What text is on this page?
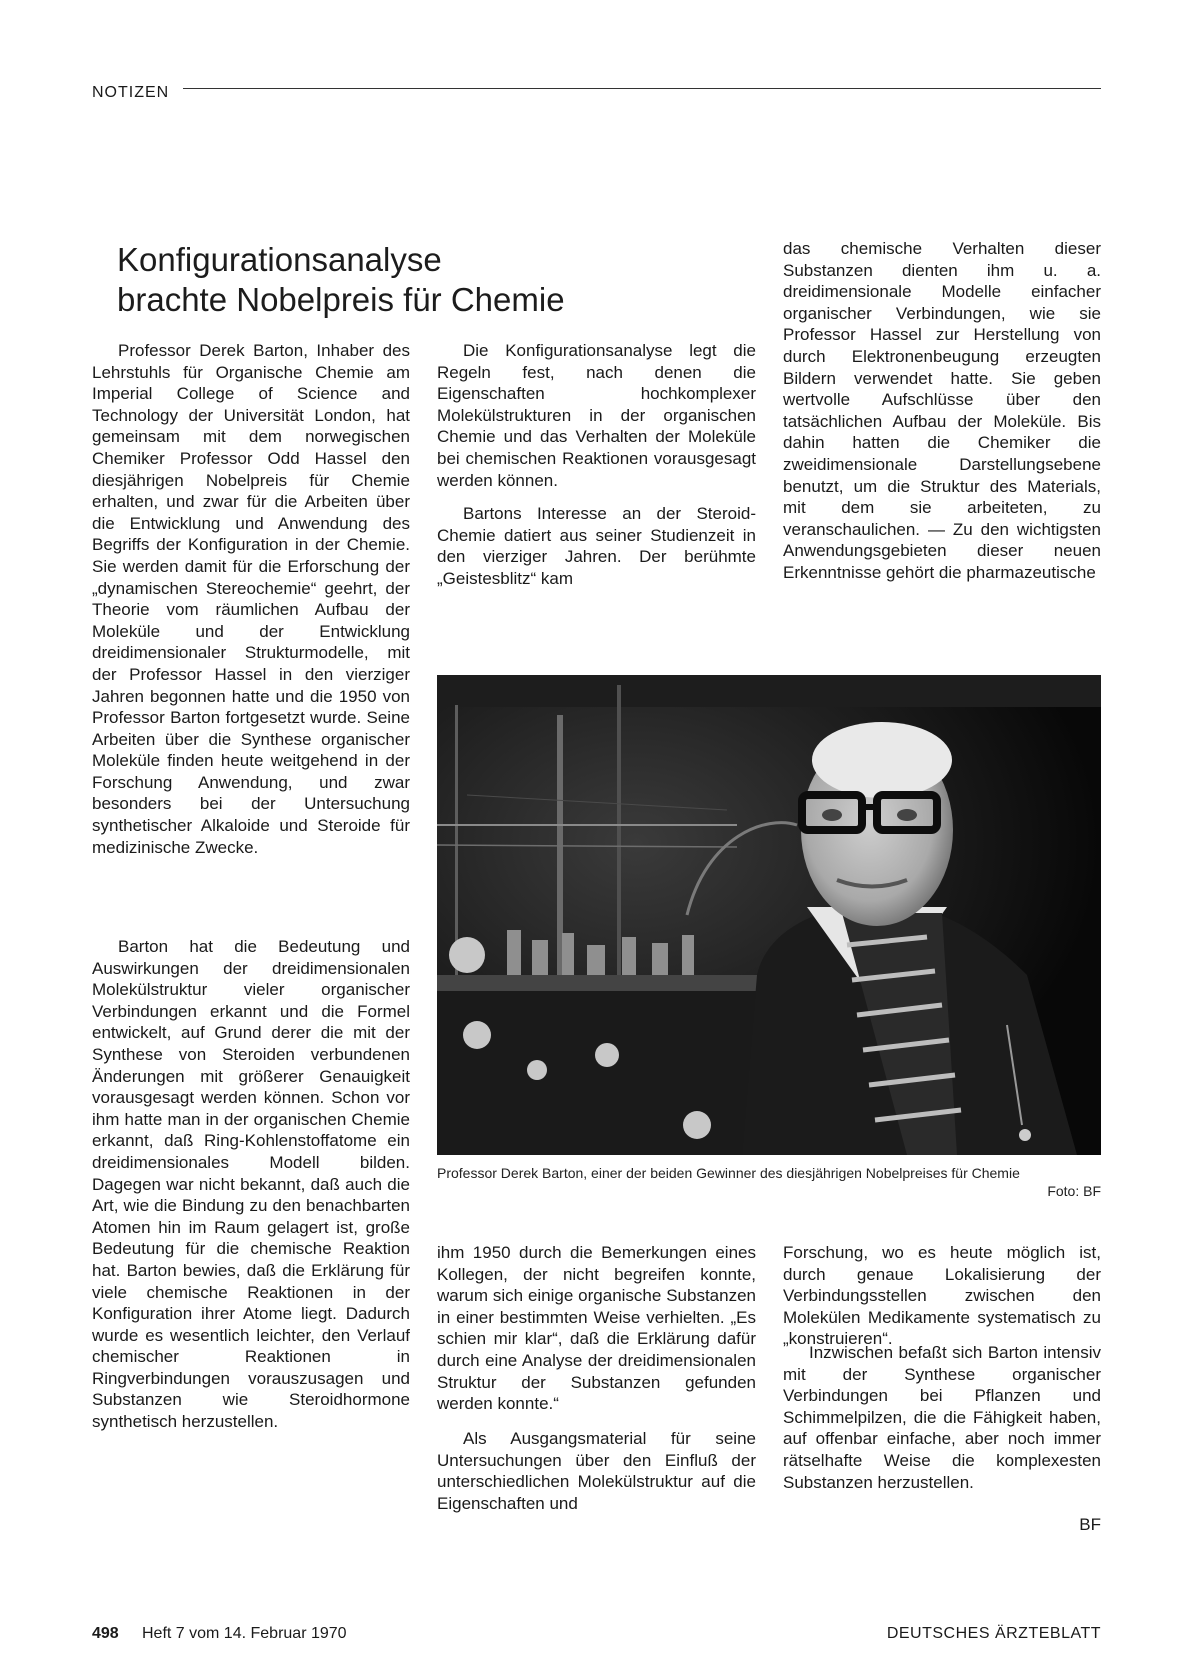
NOTIZEN
Konfigurationsanalyse
brachte Nobelpreis für Chemie

Professor Derek Barton, Inhaber des Lehrstuhls für Organische Chemie am Imperial College of Science and Technology der Universität London, hat gemeinsam mit dem norwegischen Chemiker Professor Odd Hassel den diesjährigen Nobelpreis für Chemie erhalten, und zwar für die Arbeiten über die Entwicklung und Anwendung des Begriffs der Konfiguration in der Chemie. Sie werden damit für die Erforschung der „dynamischen Stereochemie“ geehrt, der Theorie vom räumlichen Aufbau der Moleküle und der Entwicklung dreidimensionaler Strukturmodelle, mit der Professor Hassel in den vierziger Jahren begonnen hatte und die 1950 von Professor Barton fortgesetzt wurde. Seine Arbeiten über die Synthese organischer Moleküle finden heute weitgehend in der Forschung Anwendung, und zwar besonders bei der Untersuchung synthetischer Alkaloide und Steroide für medizinische Zwecke.

Barton hat die Bedeutung und Auswirkungen der dreidimensionalen Molekülstruktur vieler organischer Verbindungen erkannt und die Formel entwickelt, auf Grund derer die mit der Synthese von Steroiden verbundenen Änderungen mit größerer Genauigkeit vorausgesagt werden können. Schon vor ihm hatte man in der organischen Chemie erkannt, daß Ring-Kohlenstoffatome ein dreidimensionales Modell bilden. Dagegen war nicht bekannt, daß auch die Art, wie die Bindung zu den benachbarten Atomen hin im Raum gelagert ist, große Bedeutung für die chemische Reaktion hat. Barton bewies, daß die Erklärung für viele chemische Reaktionen in der Konfiguration ihrer Atome liegt. Dadurch wurde es wesentlich leichter, den Verlauf chemischer Reaktionen in Ringverbindungen vorauszusagen und Substanzen wie Steroidhormone synthetisch herzustellen.

Die Konfigurationsanalyse legt die Regeln fest, nach denen die Eigenschaften hochkomplexer Molekülstrukturen in der organischen Chemie und das Verhalten der Moleküle bei chemischen Reaktionen vorausgesagt werden können.

Bartons Interesse an der Steroid-Chemie datiert aus seiner Studienzeit in den vierziger Jahren. Der berühmte „Geistesblitz“ kam

das chemische Verhalten dieser Substanzen dienten ihm u. a. dreidimensionale Modelle einfacher organischer Verbindungen, wie sie Professor Hassel zur Herstellung von durch Elektronenbeugung erzeugten Bildern verwendet hatte. Sie geben wertvolle Aufschlüsse über den tatsächlichen Aufbau der Moleküle. Bis dahin hatten die Chemiker die zweidimensionale Darstellungsebene benutzt, um die Struktur des Materials, mit dem sie arbeiteten, zu veranschaulichen. — Zu den wichtigsten Anwendungsgebieten dieser neuen Erkenntnisse gehört die pharmazeutische

Professor Derek Barton, einer der beiden Gewinner des diesjährigen Nobelpreises für Chemie
Foto: BF

ihm 1950 durch die Bemerkungen eines Kollegen, der nicht begreifen konnte, warum sich einige organische Substanzen in einer bestimmten Weise verhielten. „Es schien mir klar“, daß die Erklärung dafür durch eine Analyse der dreidimensionalen Struktur der Substanzen gefunden werden konnte.“

Als Ausgangsmaterial für seine Untersuchungen über den Einfluß der unterschiedlichen Molekülstruktur auf die Eigenschaften und

Forschung, wo es heute möglich ist, durch genaue Lokalisierung der Verbindungsstellen zwischen den Molekülen Medikamente systematisch zu „konstruieren“.

Inzwischen befaßt sich Barton intensiv mit der Synthese organischer Verbindungen bei Pflanzen und Schimmelpilzen, die die Fähigkeit haben, auf offenbar einfache, aber noch immer rätselhafte Weise die komplexesten Substanzen herzustellen.

BF
498 Heft 7 vom 14. Februar 1970	DEUTSCHES ÄRZTEBLATT
